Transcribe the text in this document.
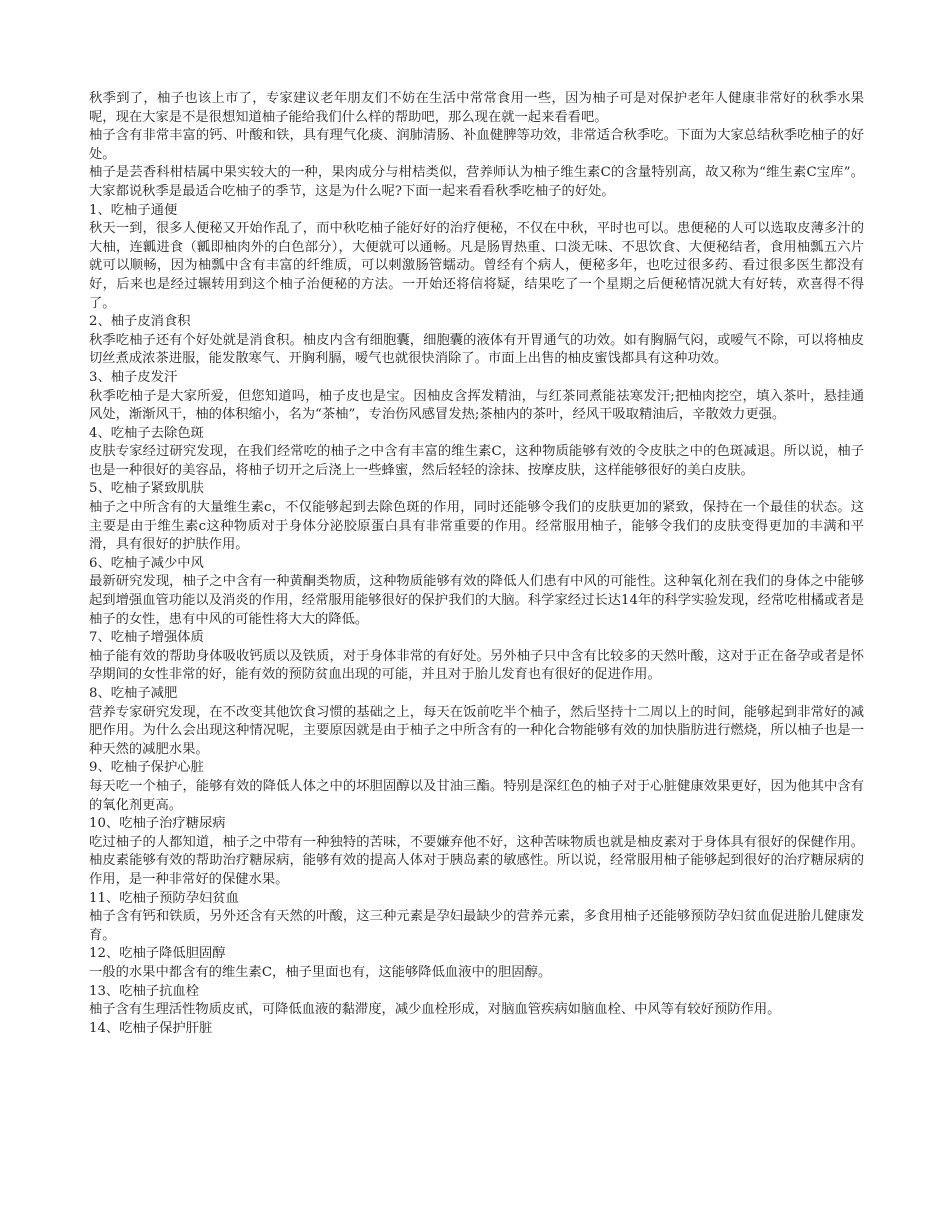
秋季到了，柚子也该上市了，专家建议老年朋友们不妨在生活中常常食用一些，因为柚子可是对保护老年人健康非常好的秋季水果呢，现在大家是不是很想知道柚子能给我们什么样的帮助吧，那么现在就一起来看看吧。

柚子含有非常丰富的钙、叶酸和铁，具有理气化痰、润肺清肠、补血健脾等功效，非常适合秋季吃。下面为大家总结秋季吃柚子的好处。

柚子是芸香科柑桔属中果实较大的一种，果肉成分与柑桔类似，营养师认为柚子维生素C的含量特别高，故又称为“维生素C宝库”。大家都说秋季是最适合吃柚子的季节，这是为什么呢?下面一起来看看秋季吃柚子的好处。

1、吃柚子通便

秋天一到，很多人便秘又开始作乱了，而中秋吃柚子能好好的治疗便秘，不仅在中秋，平时也可以。患便秘的人可以选取皮薄多汁的大柚，连瓤进食（瓤即柚肉外的白色部分），大便就可以通畅。凡是肠胃热重、口淡无味、不思饮食、大便秘结者，食用柚瓢五六片就可以顺畅，因为柚瓢中含有丰富的纤维质，可以刺激肠管蠕动。曾经有个病人，便秘多年，也吃过很多药、看过很多医生都没有好，后来也是经过辗转用到这个柚子治便秘的方法。一开始还将信将疑，结果吃了一个星期之后便秘情况就大有好转，欢喜得不得了。

2、柚子皮消食积

秋季吃柚子还有个好处就是消食积。柚皮内含有细胞囊，细胞囊的液体有开胃通气的功效。如有胸膈气闷，或嗳气不除，可以将柚皮切丝煮成浓茶进服，能发散寒气、开胸利膈，嗳气也就很快消除了。市面上出售的柚皮蜜饯都具有这种功效。

3、柚子皮发汗

秋季吃柚子是大家所爱，但您知道吗，柚子皮也是宝。因柚皮含挥发精油，与红茶同煮能祛寒发汗;把柚肉挖空，填入茶叶，悬挂通风处，渐渐风干，柚的体积缩小，名为“茶柚”，专治伤风感冒发热;茶柚内的茶叶，经风干吸取精油后，辛散效力更强。

4、吃柚子去除色斑

皮肤专家经过研究发现，在我们经常吃的柚子之中含有丰富的维生素C，这种物质能够有效的令皮肤之中的色斑减退。所以说，柚子也是一种很好的美容品，将柚子切开之后浇上一些蜂蜜，然后轻轻的涂抹、按摩皮肤，这样能够很好的美白皮肤。

5、吃柚子紧致肌肤

柚子之中所含有的大量维生素c，不仅能够起到去除色斑的作用，同时还能够令我们的皮肤更加的紧致，保持在一个最佳的状态。这主要是由于维生素c这种物质对于身体分泌胶原蛋白具有非常重要的作用。经常服用柚子，能够令我们的皮肤变得更加的丰满和平滑，具有很好的护肤作用。

6、吃柚子减少中风

最新研究发现，柚子之中含有一种黄酮类物质，这种物质能够有效的降低人们患有中风的可能性。这种氧化剂在我们的身体之中能够起到增强血管功能以及消炎的作用，经常服用能够很好的保护我们的大脑。科学家经过长达14年的科学实验发现，经常吃柑橘或者是柚子的女性，患有中风的可能性将大大的降低。

7、吃柚子增强体质

柚子能有效的帮助身体吸收钙质以及铁质，对于身体非常的有好处。另外柚子只中含有比较多的天然叶酸，这对于正在备孕或者是怀孕期间的女性非常的好，能有效的预防贫血出现的可能，并且对于胎儿发育也有很好的促进作用。

8、吃柚子减肥

营养专家研究发现，在不改变其他饮食习惯的基础之上，每天在饭前吃半个柚子，然后坚持十二周以上的时间，能够起到非常好的减肥作用。为什么会出现这种情况呢，主要原因就是由于柚子之中所含有的一种化合物能够有效的加快脂肪进行燃烧，所以柚子也是一种天然的减肥水果。

9、吃柚子保护心脏

每天吃一个柚子，能够有效的降低人体之中的坏胆固醇以及甘油三酯。特别是深红色的柚子对于心脏健康效果更好，因为他其中含有的氧化剂更高。

10、吃柚子治疗糖尿病

吃过柚子的人都知道，柚子之中带有一种独特的苦味，不要嫌弃他不好，这种苦味物质也就是柚皮素对于身体具有很好的保健作用。柚皮素能够有效的帮助治疗糖尿病，能够有效的提高人体对于胰岛素的敏感性。所以说，经常服用柚子能够起到很好的治疗糖尿病的作用，是一种非常好的保健水果。

11、吃柚子预防孕妇贫血

柚子含有钙和铁质，另外还含有天然的叶酸，这三种元素是孕妇最缺少的营养元素，多食用柚子还能够预防孕妇贫血促进胎儿健康发育。

12、吃柚子降低胆固醇

一般的水果中都含有的维生素C，柚子里面也有，这能够降低血液中的胆固醇。

13、吃柚子抗血栓

柚子含有生理活性物质皮甙，可降低血液的黏滞度，减少血栓形成，对脑血管疾病如脑血栓、中风等有较好预防作用。

14、吃柚子保护肝脏
